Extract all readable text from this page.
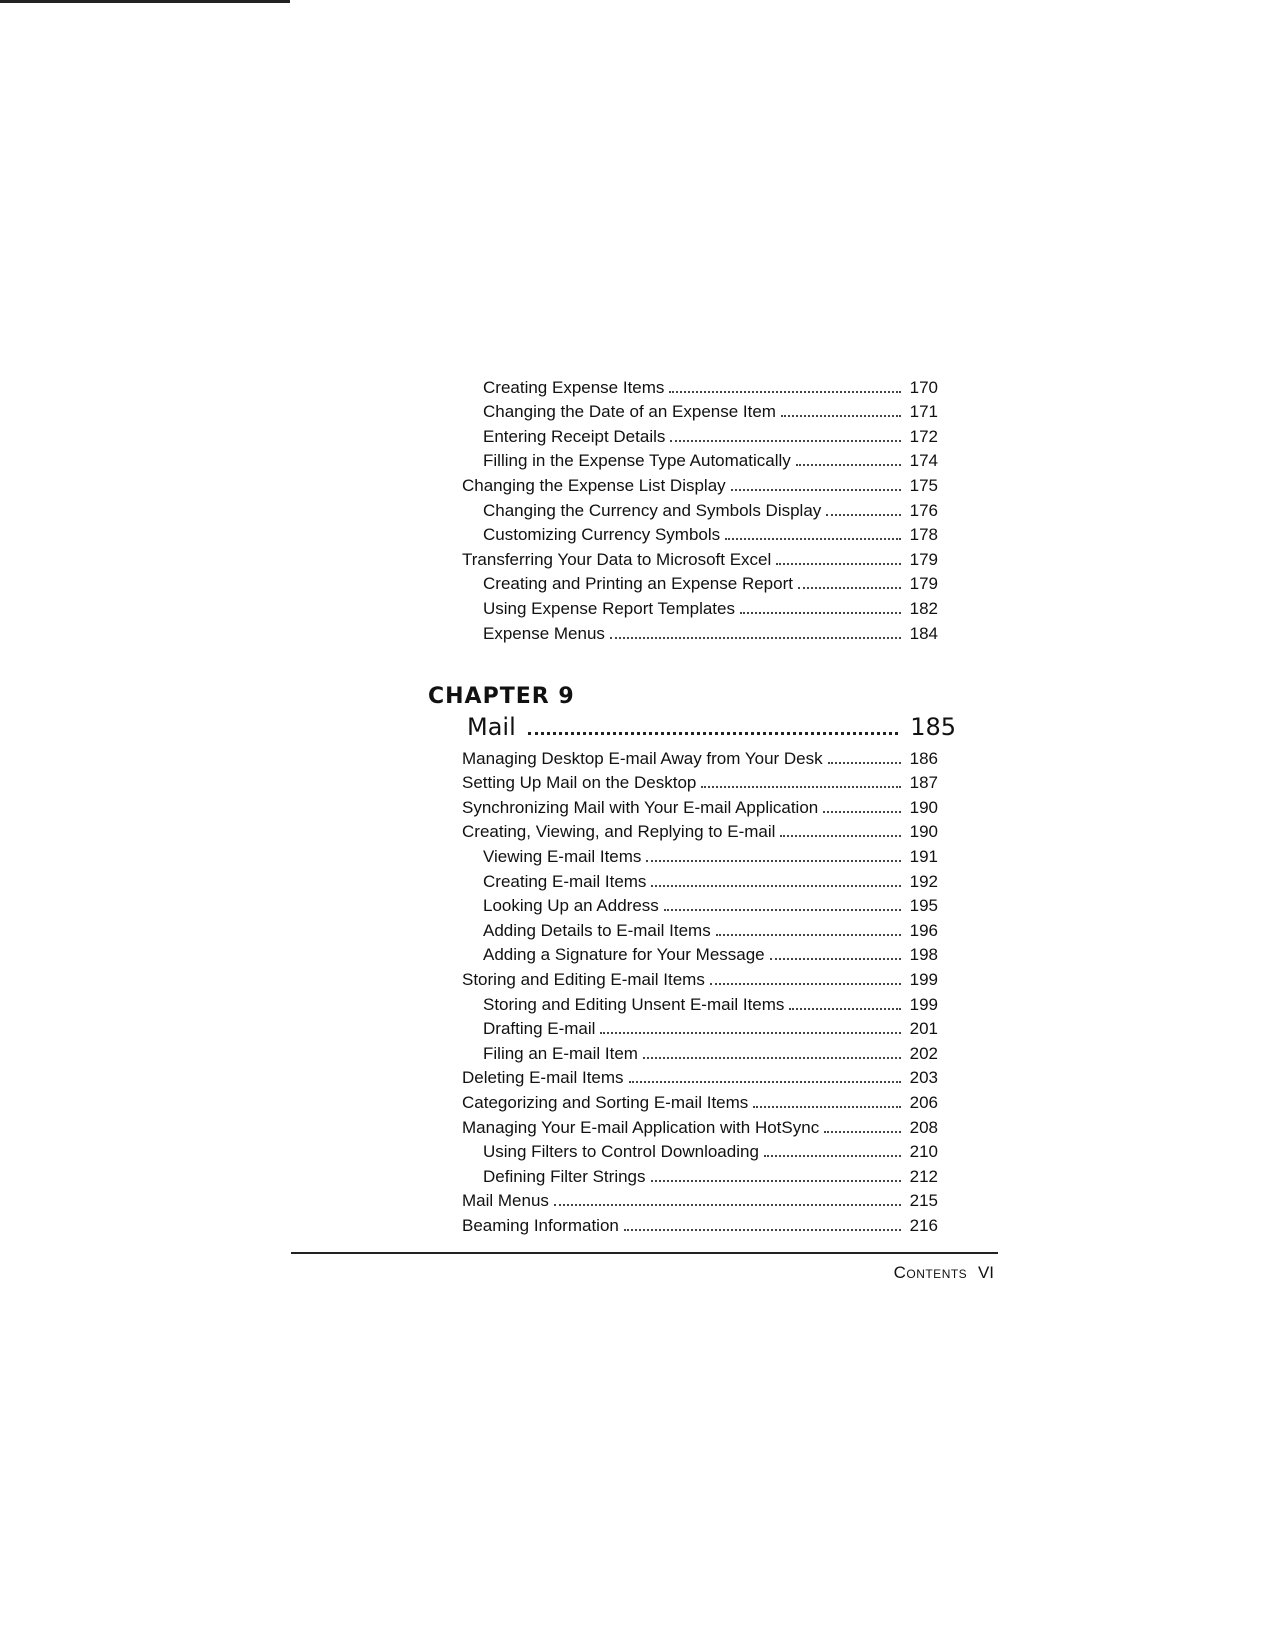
Creating Expense Items	170
Changing the Date of an Expense Item	171
Entering Receipt Details	172
Filling in the Expense Type Automatically	174
Changing the Expense List Display	175
Changing the Currency and Symbols Display	176
Customizing Currency Symbols	178
Transferring Your Data to Microsoft Excel	179
Creating and Printing an Expense Report	179
Using Expense Report Templates	182
Expense Menus	184
CHAPTER 9
Mail	185
Managing Desktop E-mail Away from Your Desk	186
Setting Up Mail on the Desktop	187
Synchronizing Mail with Your E-mail Application	190
Creating, Viewing, and Replying to E-mail	190
Viewing E-mail Items	191
Creating E-mail Items	192
Looking Up an Address	195
Adding Details to E-mail Items	196
Adding a Signature for Your Message	198
Storing and Editing E-mail Items	199
Storing and Editing Unsent E-mail Items	199
Drafting E-mail	201
Filing an E-mail Item	202
Deleting E-mail Items	203
Categorizing and Sorting E-mail Items	206
Managing Your E-mail Application with HotSync	208
Using Filters to Control Downloading	210
Defining Filter Strings	212
Mail Menus	215
Beaming Information	216
Contents VI
